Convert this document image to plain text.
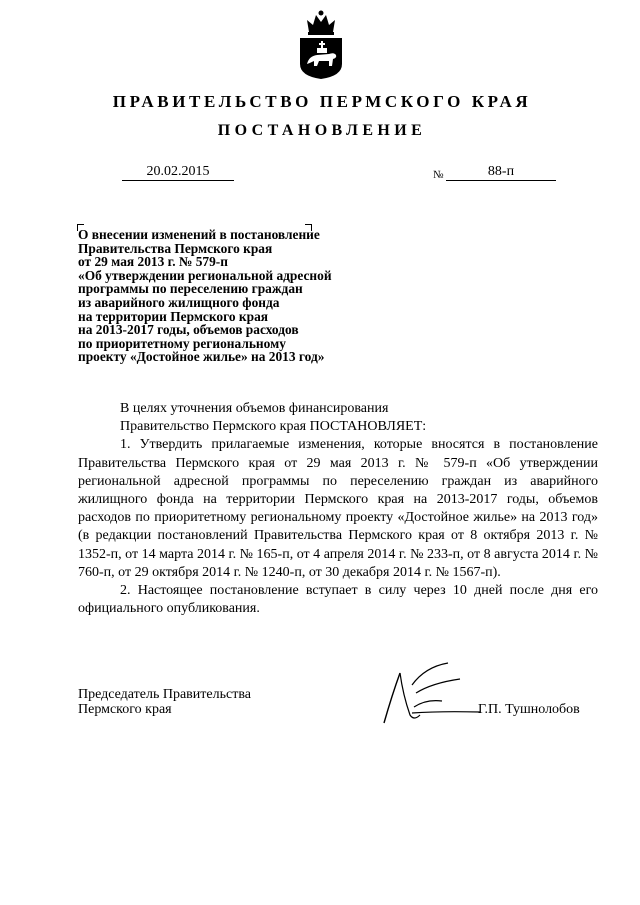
ПРАВИТЕЛЬСТВО ПЕРМСКОГО КРАЯ
ПОСТАНОВЛЕНИЕ
20.02.2015	№	88-п
О внесении изменений в постановление
Правительства Пермского края
от 29 мая 2013 г. № 579-п
«Об утверждении региональной адресной
программы по переселению граждан
из аварийного жилищного фонда
на территории Пермского края
на 2013-2017 годы, объемов расходов
по приоритетному региональному
проекту «Достойное жилье» на 2013 год»
В целях уточнения объемов финансирования
Правительство Пермского края ПОСТАНОВЛЯЕТ:

1. Утвердить прилагаемые изменения, которые вносятся в постановление Правительства Пермского края от 29 мая 2013 г. № 579-п «Об утверждении региональной адресной программы по переселению граждан из аварийного жилищного фонда на территории Пермского края на 2013-2017 годы, объемов расходов по приоритетному региональному проекту «Достойное жилье» на 2013 год» (в редакции постановлений Правительства Пермского края от 8 октября 2013 г. № 1352-п, от 14 марта 2014 г. № 165-п, от 4 апреля 2014 г. № 233-п, от 8 августа 2014 г. № 760-п, от 29 октября 2014 г. № 1240-п, от 30 декабря 2014 г. № 1567-п).

2. Настоящее постановление вступает в силу через 10 дней после дня его официального опубликования.

Председатель Правительства
Пермского края	Г.П. Тушнолобов
